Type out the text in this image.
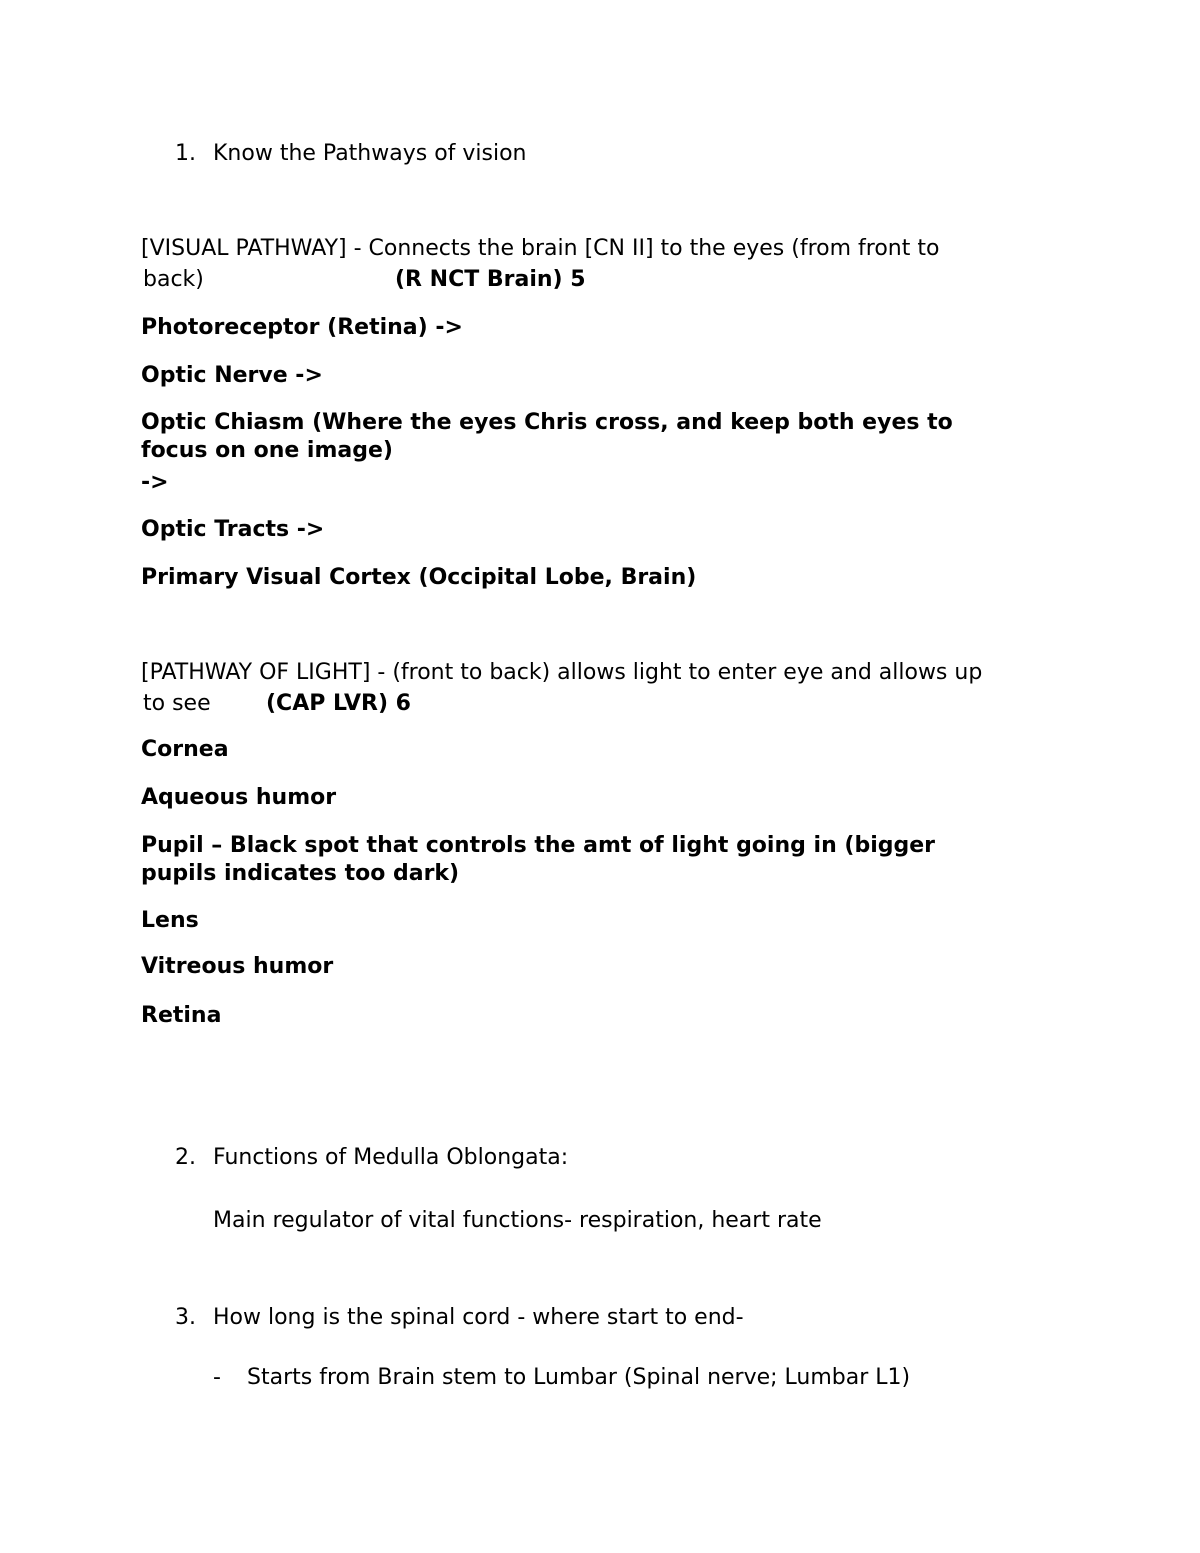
1. Know the Pathways of vision
[VISUAL PATHWAY] - Connects the brain [CN II] to the eyes (from front to
back)	(R NCT Brain) 5
Photoreceptor (Retina) ->
Optic Nerve ->
Optic Chiasm (Where the eyes Chris cross, and keep both eyes to
focus on one image)
->
Optic Tracts ->
Primary Visual Cortex (Occipital Lobe, Brain)
[PATHWAY OF LIGHT] - (front to back) allows light to enter eye and allows up
to see	(CAP LVR) 6
Cornea
Aqueous humor
Pupil – Black spot that controls the amt of light going in (bigger
pupils indicates too dark)
Lens
Vitreous humor
Retina
2. Functions of Medulla Oblongata:
Main regulator of vital functions- respiration, heart rate
3. How long is the spinal cord - where start to end-
- Starts from Brain stem to Lumbar (Spinal nerve; Lumbar L1)
